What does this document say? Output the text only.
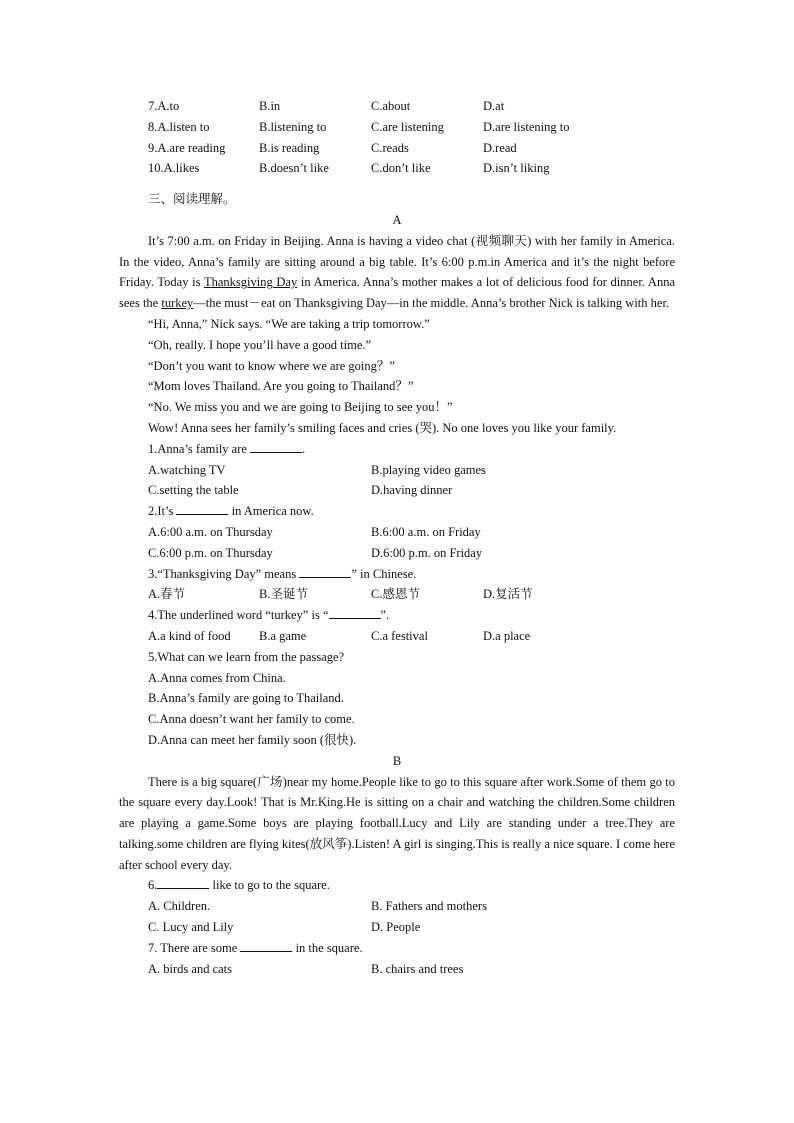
7.A.to	B.in	C.about	D.at
8.A.listen to	B.listening to	C.are listening	D.are listening to
9.A.are reading	B.is reading	C.reads	D.read
10.A.likes	B.doesn’t like	C.don’t like	D.isn’t liking
三、阅读理解。
A
It’s 7:00 a.m. on Friday in Beijing. Anna is having a video chat (视频聊天) with her family in America. In the video, Anna’s family are sitting around a big table. It’s 6:00 p.m.in America and it’s the night before Friday. Today is Thanksgiving Day in America. Anna’s mother makes a lot of delicious food for dinner. Anna sees the turkey—the must－eat on Thanksgiving Day—in the middle. Anna’s brother Nick is talking with her.
“Hi, Anna,” Nick says. “We are taking a trip tomorrow.”
“Oh, really. I hope you’ll have a good time.”
“Don’t you want to know where we are going？”
“Mom loves Thailand. Are you going to Thailand？”
“No. We miss you and we are going to Beijing to see you！”
Wow! Anna sees her family’s smiling faces and cries (哭). No one loves you like your family.
1.Anna’s family are	.
A.watching TV	B.playing video games
C.setting the table	D.having dinner
2.It’s	in America now.
A.6:00 a.m. on Thursday	B.6:00 a.m. on Friday
C.6:00 p.m. on Thursday	D.6:00 p.m. on Friday
3.“Thanksgiving Day” means	” in Chinese.
A.春节	B.圣诞节	C.感恩节	D.复活节
4.The underlined word “turkey” is “	”.
A.a kind of food B.a game	C.a festival	D.a place
5.What can we learn from the passage?
A.Anna comes from China.
B.Anna’s family are going to Thailand.
C.Anna doesn’t want her family to come.
D.Anna can meet her family soon (很快).
B
There is a big square(广场)near my home.People like to go to this square after work.Some of them go to the square every day.Look! That is Mr.King.He is sitting on a chair and watching the children.Some children are playing a game.Some boys are playing football.Lucy and Lily are standing under a tree.They are talking.some children are flying kites(放风筝).Listen! A girl is singing.This is really a nice square. I come here after school every day.
6.	like to go to the square.
A. Children.	B. Fathers and mothers
C. Lucy and Lily	D. People
7. There are some	in the square.
A. birds and cats	B. chairs and trees
